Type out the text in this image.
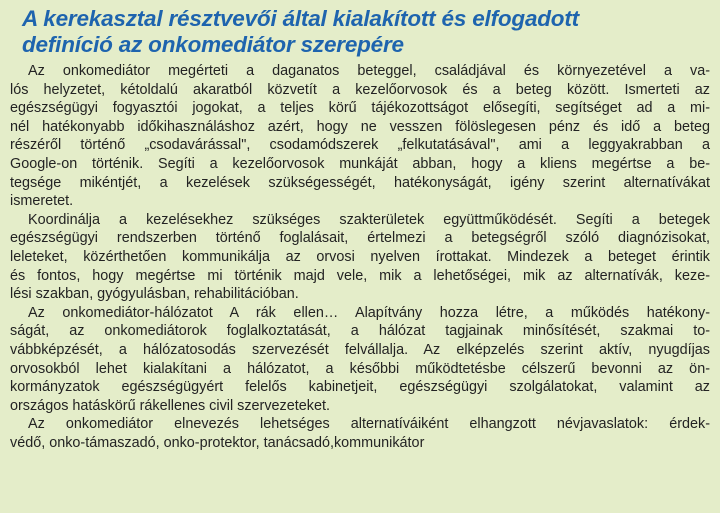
A kerekasztal résztvevői által kialakított és elfogadott
definíció az onkomediátor szerepére
Az onkomediátor megérteti a daganatos beteggel, családjával és környezetével a va-
lós helyzetet, kétoldalú akaratból közvetít a kezelőorvosok és a beteg között. Ismerteti az
egészségügyi fogyasztói jogokat, a teljes körű tájékozottságot elősegíti, segítséget ad a mi-
nél hatékonyabb időkihasználáshoz azért, hogy ne vesszen fölöslegesen pénz és idő a beteg
részéről történő „csodavárással", csodamódszerek „felkutatásával", ami a leggyakrabban a
Google-on történik. Segíti a kezelőorvosok munkáját abban, hogy a kliens megértse a be-
tegsége mikéntjét, a kezelések szükségességét, hatékonyságát, igény szerint alternatívákat
ismeretet.
Koordinálja a kezelésekhez szükséges szakterületek együttműködését. Segíti a betegek
egészségügyi rendszerben történő foglalásait, értelmezi a betegségről szóló diagnózisokat,
leleteket, közérthetően kommunikálja az orvosi nyelven írottakat. Mindezek a beteget érintik
és fontos, hogy megértse mi történik majd vele, mik a lehetőségei, mik az alternatívák, keze-
lési szakban, gyógyulásban, rehabilitációban.
Az onkomediátor-hálózatot A rák ellen… Alapítvány hozza létre, a működés hatékony-
ságát, az onkomediátorok foglalkoztatását, a hálózat tagjainak minősítését, szakmai to-
vábbképzését, a hálózatosodás szervezését felvállalja. Az elképzelés szerint aktív, nyugdíjas
orvosokból lehet kialakítani a hálózatot, a későbbi működtetésbe célszerű bevonni az ön-
kormányzatok egészségügyért felelős kabinetjeit, egészségügyi szolgálatokat, valamint az
országos hatáskörű rákellenes civil szervezeteket.
Az onkomediátor elnevezés lehetséges alternatíváiként elhangzott névjavaslatok: érdek-
védő, onko-támaszadó, onko-protektor, tanácsadó,kommunikátor
